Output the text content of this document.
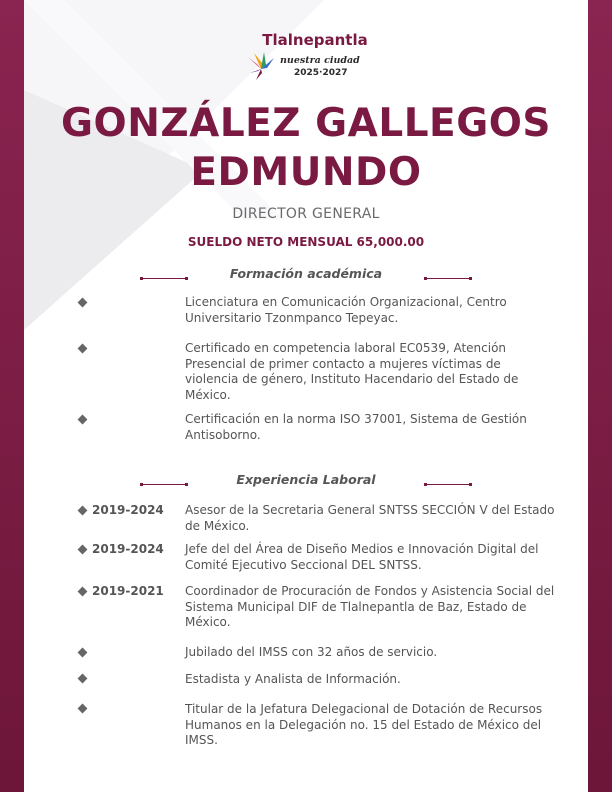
Tlalnepantla
nuestra ciudad
2025·2027
GONZÁLEZ GALLEGOS
EDMUNDO
DIRECTOR GENERAL
SUELDO NETO MENSUAL 65,000.00
Formación académica
Licenciatura en Comunicación Organizacional, Centro Universitario Tzonmpanco Tepeyac.
Certificado en competencia laboral EC0539, Atención Presencial de primer contacto a mujeres víctimas de violencia de género, Instituto Hacendario del Estado de México.
Certificación en la norma ISO 37001, Sistema de Gestión Antisoborno.
Experiencia Laboral
2019-2024 Asesor de la Secretaria General SNTSS SECCIÓN V del Estado de México.
2019-2024 Jefe del del Área de Diseño Medios e Innovación Digital del Comité Ejecutivo Seccional DEL SNTSS.
2019-2021 Coordinador de Procuración de Fondos y Asistencia Social del Sistema Municipal DIF de Tlalnepantla de Baz, Estado de México.
Jubilado del IMSS con 32 años de servicio.
Estadista y Analista de Información.
Titular de la Jefatura Delegacional de Dotación de Recursos Humanos en la Delegación no. 15 del Estado de México del IMSS.
